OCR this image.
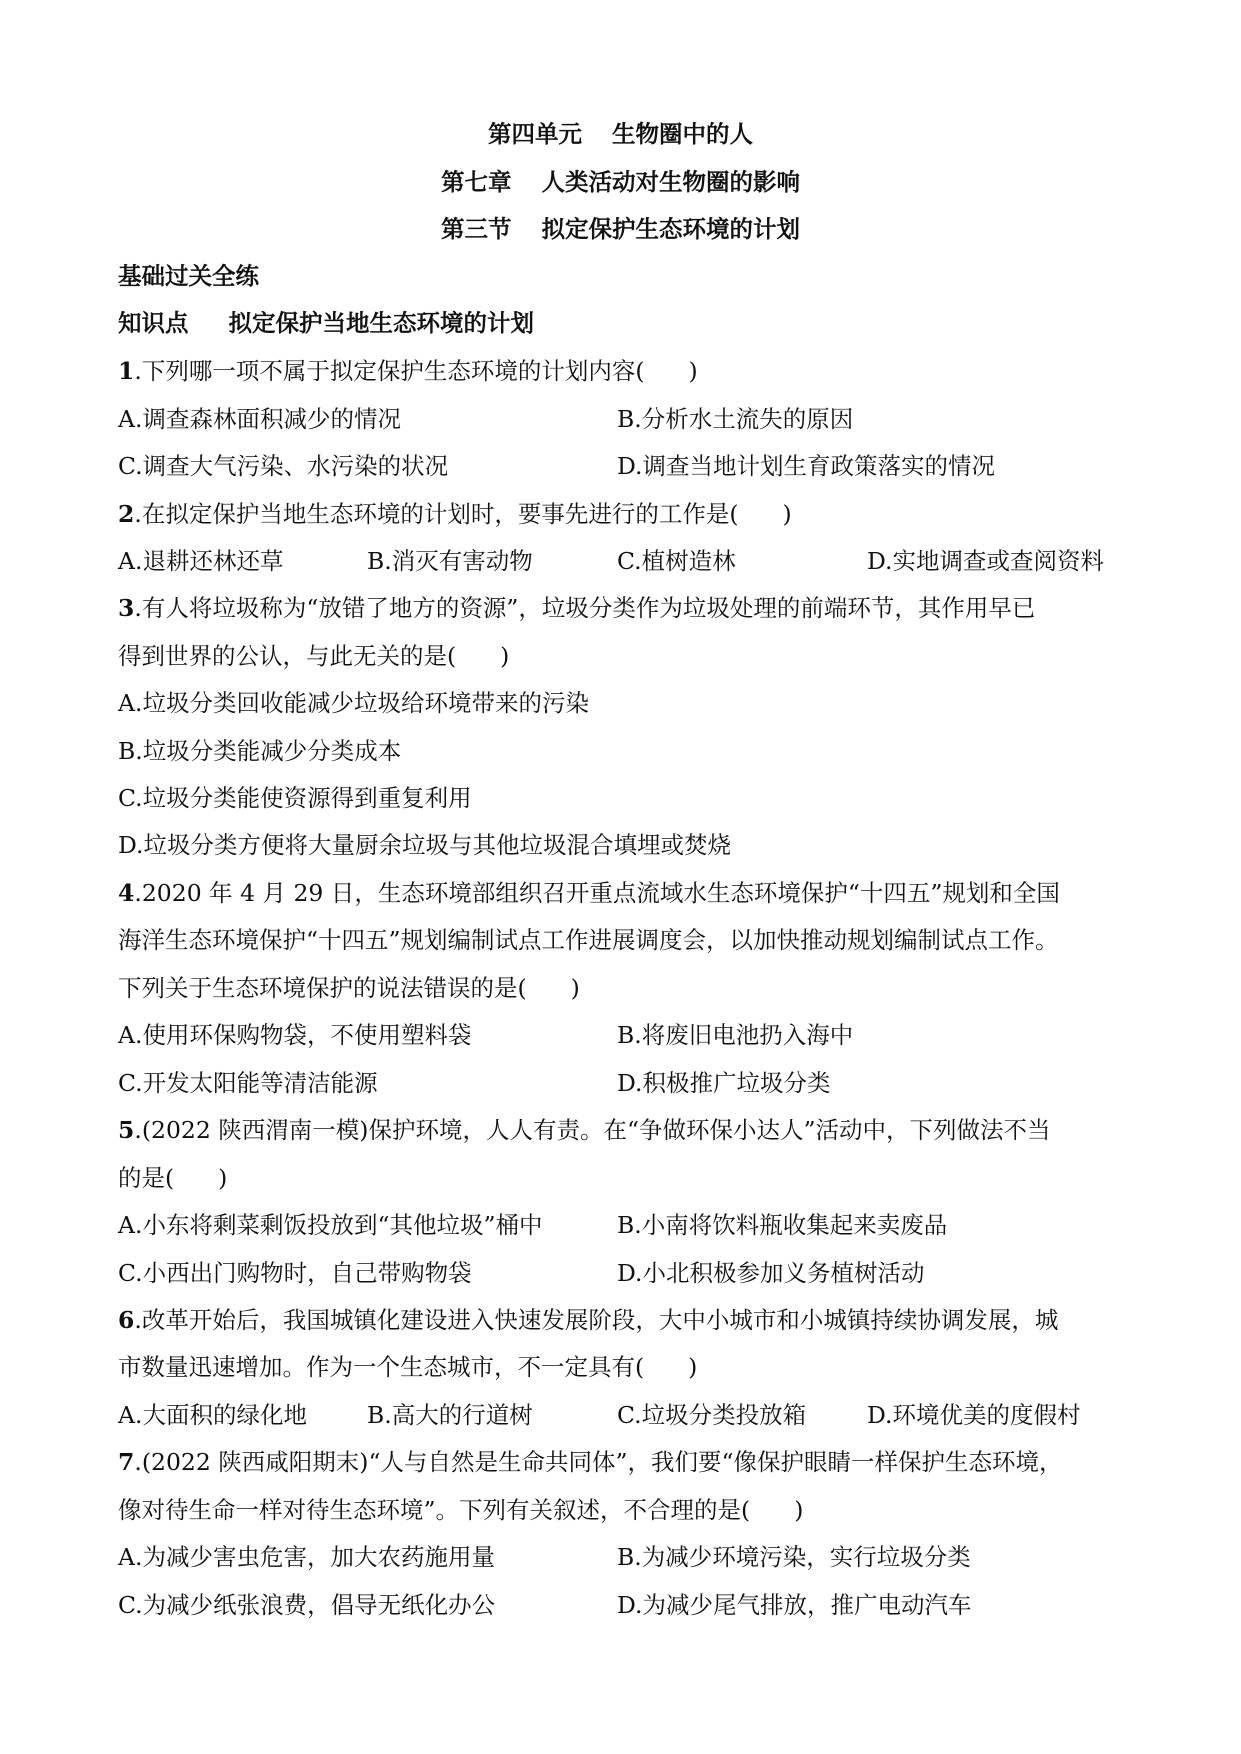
第四单元 生物圈中的人
第七章 人类活动对生物圈的影响
第三节 拟定保护生态环境的计划
基础过关全练
知识点 拟定保护当地生态环境的计划
1.下列哪一项不属于拟定保护生态环境的计划内容( )
A.调查森林面积减少的情况	B.分析水土流失的原因
C.调查大气污染、水污染的状况	D.调查当地计划生育政策落实的情况
2.在拟定保护当地生态环境的计划时，要事先进行的工作是( )
A.退耕还林还草	B.消灭有害动物	C.植树造林	D.实地调查或查阅资料
3.有人将垃圾称为“放错了地方的资源”，垃圾分类作为垃圾处理的前端环节，其作用早已
得到世界的公认，与此无关的是( )
A.垃圾分类回收能减少垃圾给环境带来的污染
B.垃圾分类能减少分类成本
C.垃圾分类能使资源得到重复利用
D.垃圾分类方便将大量厨余垃圾与其他垃圾混合填埋或焚烧
4.2020 年 4 月 29 日，生态环境部组织召开重点流域水生态环境保护“十四五”规划和全国
海洋生态环境保护“十四五”规划编制试点工作进展调度会，以加快推动规划编制试点工作。
下列关于生态环境保护的说法错误的是( )
A.使用环保购物袋，不使用塑料袋	B.将废旧电池扔入海中
C.开发太阳能等清洁能源	D.积极推广垃圾分类
5.(2022 陕西渭南一模)保护环境，人人有责。在“争做环保小达人”活动中，下列做法不当
的是( )
A.小东将剩菜剩饭投放到“其他垃圾”桶中	B.小南将饮料瓶收集起来卖废品
C.小西出门购物时，自己带购物袋	D.小北积极参加义务植树活动
6.改革开始后，我国城镇化建设进入快速发展阶段，大中小城市和小城镇持续协调发展，城
市数量迅速增加。作为一个生态城市，不一定具有( )
A.大面积的绿化地	B.高大的行道树	C.垃圾分类投放箱	D.环境优美的度假村
7.(2022 陕西咸阳期末)“人与自然是生命共同体”，我们要“像保护眼睛一样保护生态环境，
像对待生命一样对待生态环境”。下列有关叙述，不合理的是( )
A.为减少害虫危害，加大农药施用量	B.为减少环境污染，实行垃圾分类
C.为减少纸张浪费，倡导无纸化办公	D.为减少尾气排放，推广电动汽车
